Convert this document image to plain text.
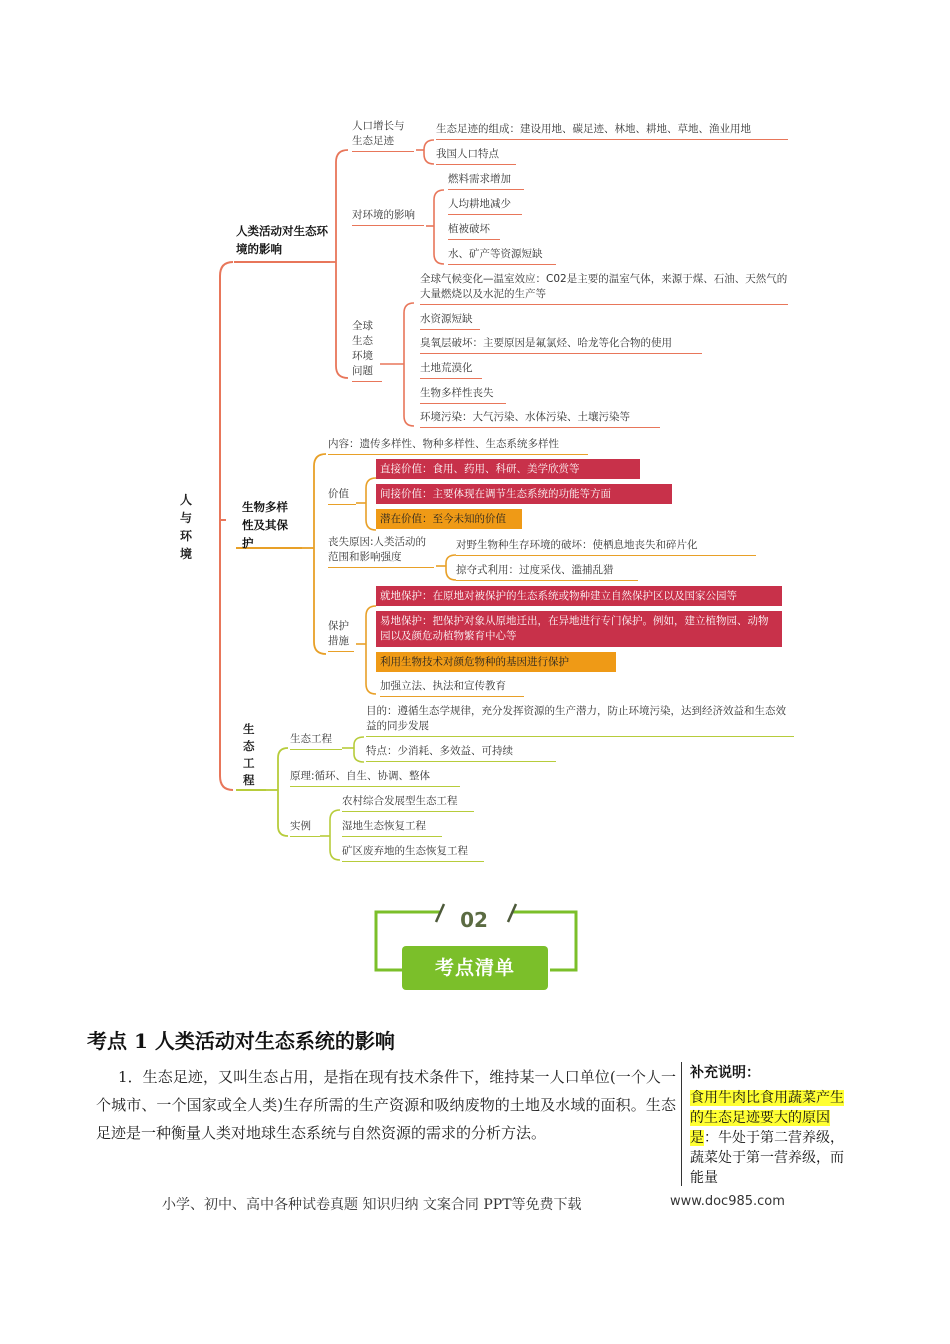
人
与
环
境
人类活动对生态环境的影响
人口增长与生态足迹
生态足迹的组成：建设用地、碳足迹、林地、耕地、草地、渔业用地
我国人口特点
对环境的影响
燃料需求增加
人均耕地减少
植被破坏
水、矿产等资源短缺
全球生态环境问题
全球气候变化—温室效应：C02是主要的温室气体，来源于煤、石油、天然气的大量燃烧以及水泥的生产等
水资源短缺
臭氧层破坏：主要原因是氟氯烃、哈龙等化合物的使用
土地荒漠化
生物多样性丧失
环境污染：大气污染、水体污染、土壤污染等
生物多样性及其保护
内容：遗传多样性、物种多样性、生态系统多样性
价值
直接价值：食用、药用、科研、美学欣赏等
间接价值：主要体现在调节生态系统的功能等方面
潜在价值：至今未知的价值
丧失原因:人类活动的范围和影响强度
对野生物种生存环境的破坏：使栖息地丧失和碎片化
掠夺式利用：过度采伐、滥捕乱猎
保护措施
就地保护：在原地对被保护的生态系统或物种建立自然保护区以及国家公园等
易地保护：把保护对象从原地迁出，在异地进行专门保护。例如，建立植物园、动物园以及颜危动植物繁育中心等
利用生物技术对颜危物种的基因进行保护
加强立法、执法和宣传教育
生
态
工
程
生态工程
目的：遵循生态学规律，充分发挥资源的生产潜力，防止环境污染，达到经济效益和生态效益的同步发展
特点：少消耗、多效益、可持续
原理:循环、自生、协调、整体
实例
农村综合发展型生态工程
湿地生态恢复工程
矿区废弃地的生态恢复工程
02
考点清单
考点 1 人类活动对生态系统的影响
1．生态足迹，又叫生态占用，是指在现有技术条件下，维持某一人口单位(一个人一个城市、一个国家或全人类)生存所需的生产资源和吸纳废物的土地及水域的面积。生态足迹是一种衡量人类对地球生态系统与自然资源的需求的分析方法。
补充说明：
食用牛肉比食用蔬菜产生的生态足迹要大的原因是：牛处于第二营养级，蔬菜处于第一营养级，而能量
小学、初中、高中各种试卷真题 知识归纳 文案合同 PPT等免费下载	www.doc985.com
